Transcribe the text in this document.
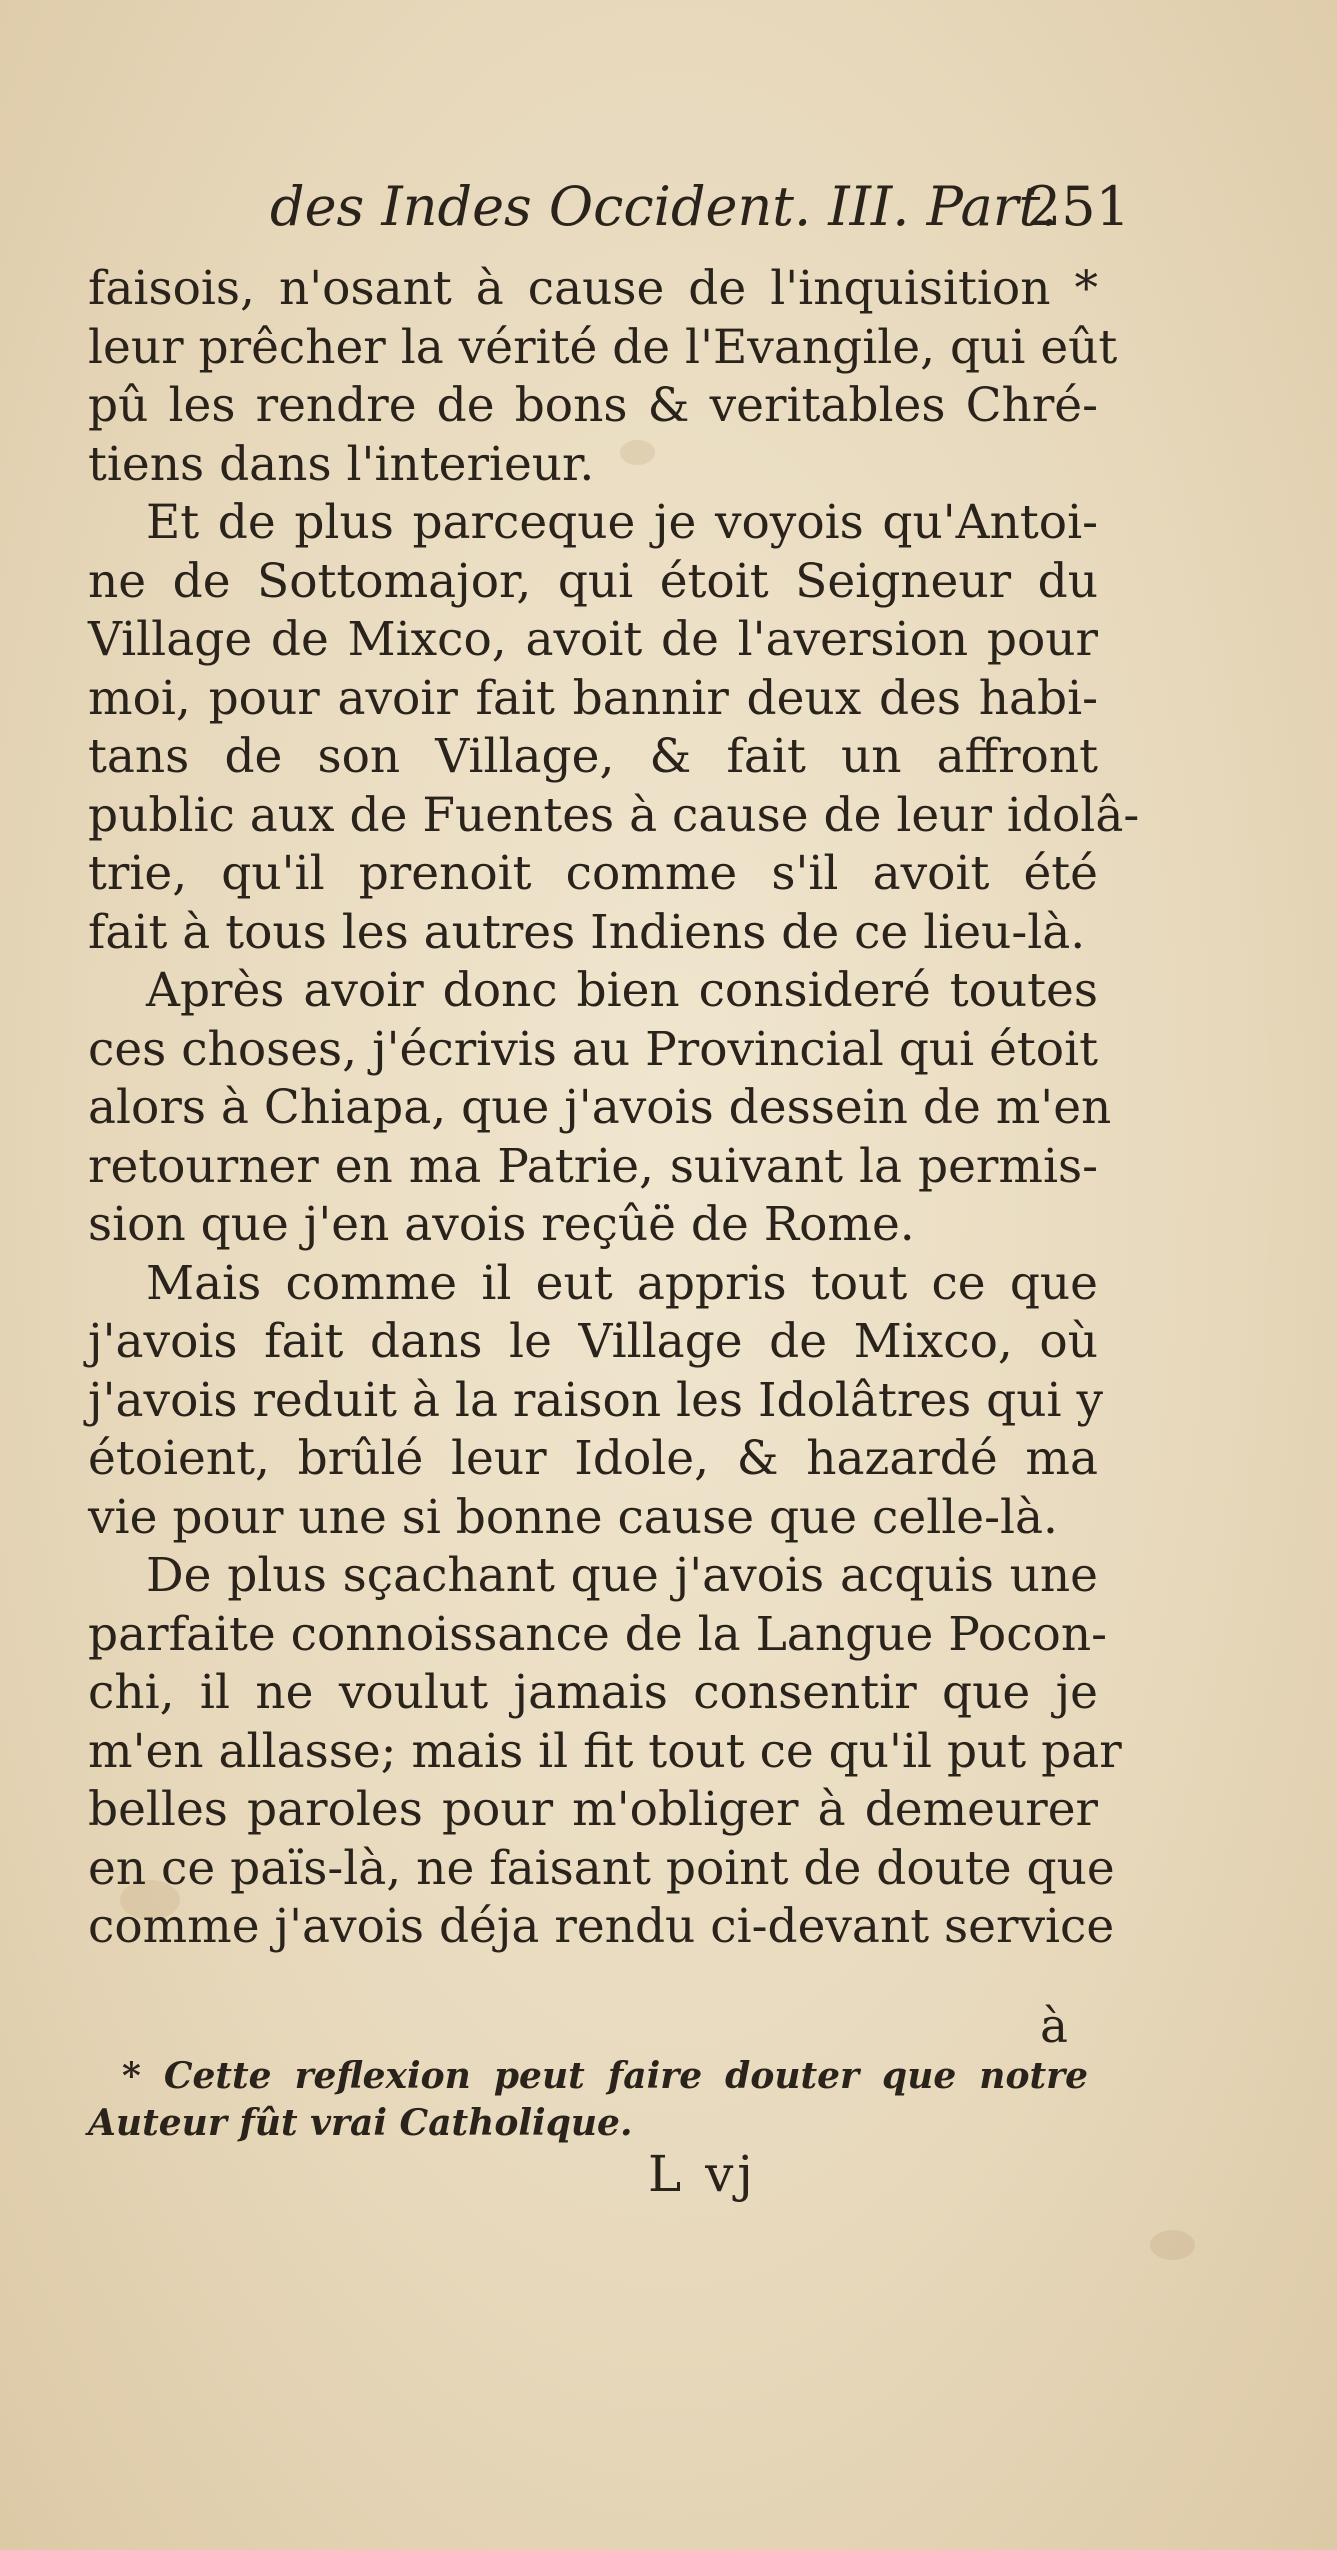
des Indes Occident. III. Part.
251
faisois, n'osant à cause de l'inquisition *
leur prêcher la vérité de l'Evangile, qui eût
pû les rendre de bons & veritables Chré-
tiens dans l'interieur.
Et de plus parceque je voyois qu'Antoi-
ne de Sottomajor, qui étoit Seigneur du
Village de Mixco, avoit de l'aversion pour
moi, pour avoir fait bannir deux des habi-
tans de son Village, & fait un affront
public aux de Fuentes à cause de leur idolâ-
trie, qu'il prenoit comme s'il avoit été
fait à tous les autres Indiens de ce lieu-là.
Après avoir donc bien consideré toutes
ces choses, j'écrivis au Provincial qui étoit
alors à Chiapa, que j'avois dessein de m'en
retourner en ma Patrie, suivant la permis-
sion que j'en avois reçûë de Rome.
Mais comme il eut appris tout ce que
j'avois fait dans le Village de Mixco, où
j'avois reduit à la raison les Idolâtres qui y
étoient, brûlé leur Idole, & hazardé ma
vie pour une si bonne cause que celle-là.
De plus sçachant que j'avois acquis une
parfaite connoissance de la Langue Pocon-
chi, il ne voulut jamais consentir que je
m'en allasse; mais il fit tout ce qu'il put par
belles paroles pour m'obliger à demeurer
en ce païs-là, ne faisant point de doute que
comme j'avois déja rendu ci-devant service
à
* Cette reflexion peut faire douter que notre
Auteur fût vrai Catholique.
L vj
